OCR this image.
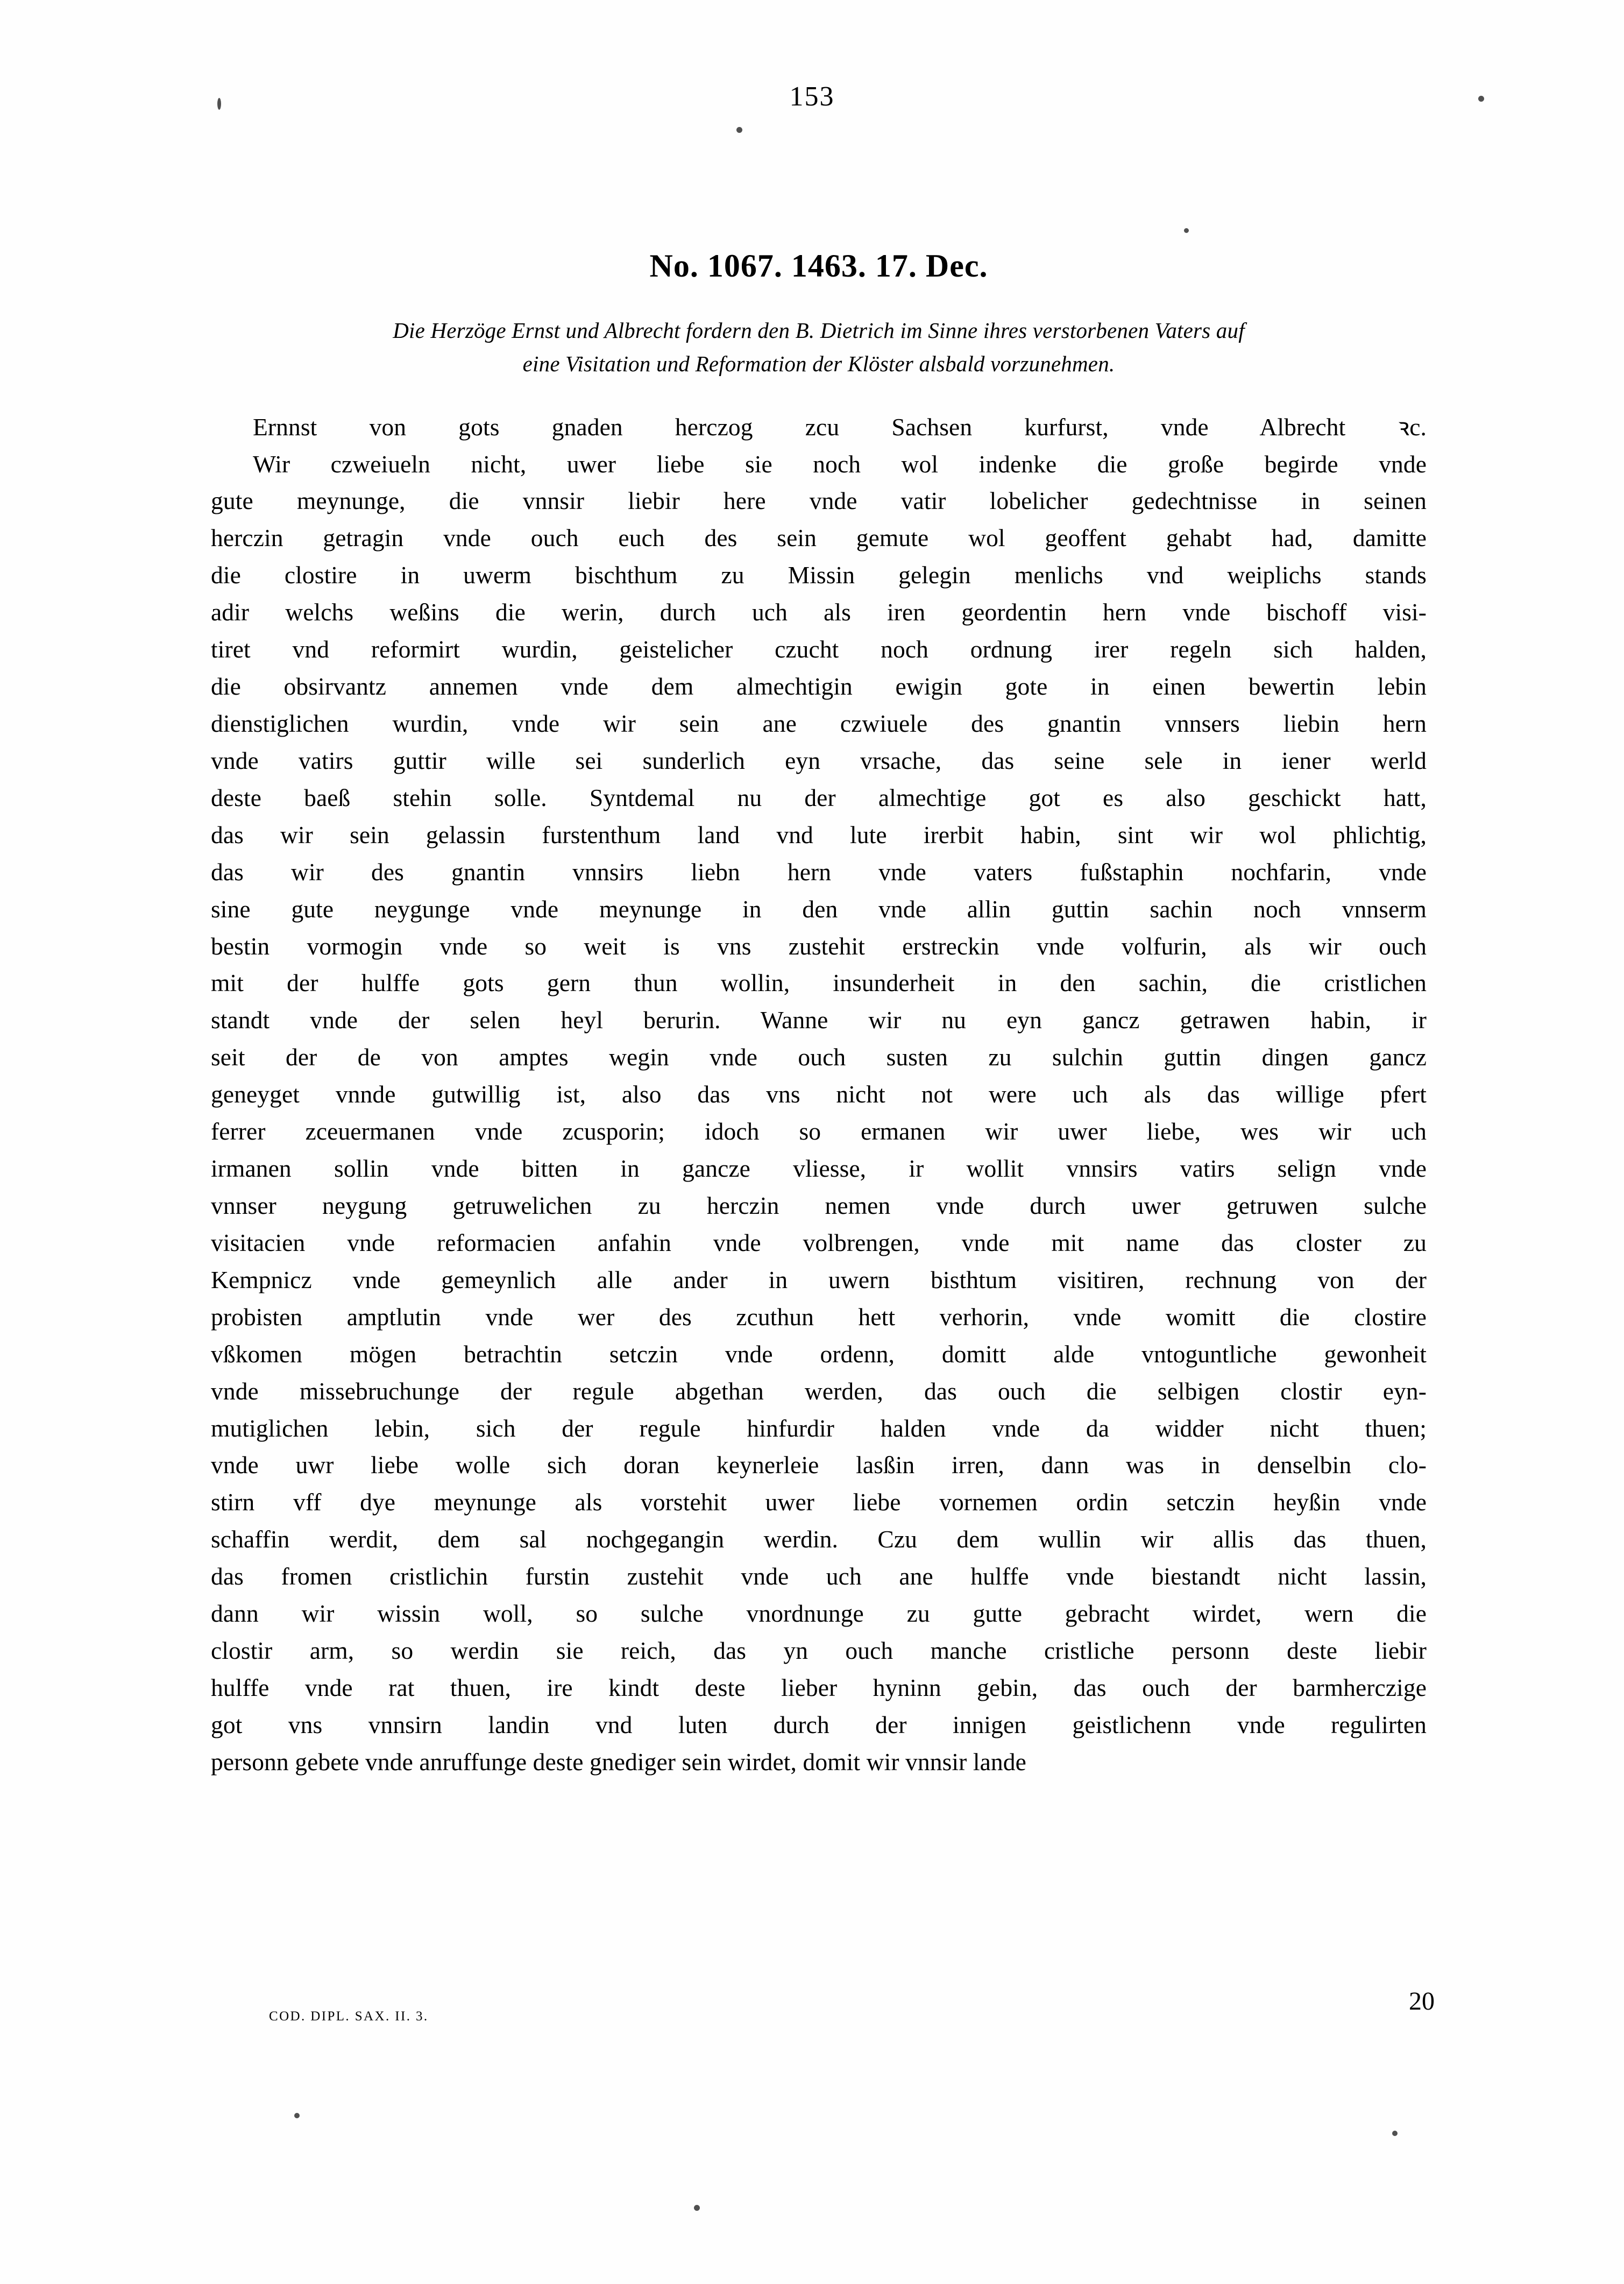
153
No. 1067. 1463. 17. Dec.
Die Herzöge Ernst und Albrecht fordern den B. Dietrich im Sinne ihres verstorbenen Vaters auf
eine Visitation und Reformation der Klöster alsbald vorzunehmen.
Ernnst von gots gnaden herczog zcu Sachsen kurfurst, vnde Albrecht ꝛc.
Wir czweiueln nicht, uwer liebe sie noch wol indenke die große begirde vnde
gute meynunge, die vnnsir liebir here vnde vatir lobelicher gedechtnisse in seinen
herczin getragin vnde ouch euch des sein gemute wol geoffent gehabt had, damitte
die clostire in uwerm bischthum zu Missin gelegin menlichs vnd weiplichs stands
adir welchs weßins die werin, durch uch als iren geordentin hern vnde bischoff visi-
tiret vnd reformirt wurdin, geistelicher czucht noch ordnung irer regeln sich halden,
die obsirvantz annemen vnde dem almechtigin ewigin gote in einen bewertin lebin
dienstiglichen wurdin, vnde wir sein ane czwiuele des gnantin vnnsers liebin hern
vnde vatirs guttir wille sei sunderlich eyn vrsache, das seine sele in iener werld
deste baeß stehin solle. Syntdemal nu der almechtige got es also geschickt hatt,
das wir sein gelassin furstenthum land vnd lute irerbit habin, sint wir wol phlichtig,
das wir des gnantin vnnsirs liebn hern vnde vaters fußstaphin nochfarin, vnde
sine gute neygunge vnde meynunge in den vnde allin guttin sachin noch vnnserm
bestin vormogin vnde so weit is vns zustehit erstreckin vnde volfurin, als wir ouch
mit der hulffe gots gern thun wollin, insunderheit in den sachin, die cristlichen
standt vnde der selen heyl berurin. Wanne wir nu eyn gancz getrawen habin, ir
seit der de von amptes wegin vnde ouch susten zu sulchin guttin dingen gancz
geneyget vnnde gutwillig ist, also das vns nicht not were uch als das willige pfert
ferrer zceuermanen vnde zcusporin; idoch so ermanen wir uwer liebe, wes wir uch
irmanen sollin vnde bitten in gancze vliesse, ir wollit vnnsirs vatirs selign vnde
vnnser neygung getruwelichen zu herczin nemen vnde durch uwer getruwen sulche
visitacien vnde reformacien anfahin vnde volbrengen, vnde mit name das closter zu
Kempnicz vnde gemeynlich alle ander in uwern bisthtum visitiren, rechnung von der
probisten amptlutin vnde wer des zcuthun hett verhorin, vnde womitt die clostire
vßkomen mögen betrachtin setczin vnde ordenn, domitt alde vntoguntliche gewonheit
vnde missebruchunge der regule abgethan werden, das ouch die selbigen clostir eyn-
mutiglichen lebin, sich der regule hinfurdir halden vnde da widder nicht thuen;
vnde uwr liebe wolle sich doran keynerleie lasßin irren, dann was in denselbin clo-
stirn vff dye meynunge als vorstehit uwer liebe vornemen ordin setczin heyßin vnde
schaffin werdit, dem sal nochgegangin werdin. Czu dem wullin wir allis das thuen,
das fromen cristlichin furstin zustehit vnde uch ane hulffe vnde biestandt nicht lassin,
dann wir wissin woll, so sulche vnordnunge zu gutte gebracht wirdet, wern die
clostir arm, so werdin sie reich, das yn ouch manche cristliche personn deste liebir
hulffe vnde rat thuen, ire kindt deste lieber hyninn gebin, das ouch der barmherczige
got vns vnnsirn landin vnd luten durch der innigen geistlichenn vnde regulirten
personn gebete vnde anruffunge deste gnediger sein wirdet, domit wir vnnsir lande
COD. DIPL. SAX. II. 3.
20
